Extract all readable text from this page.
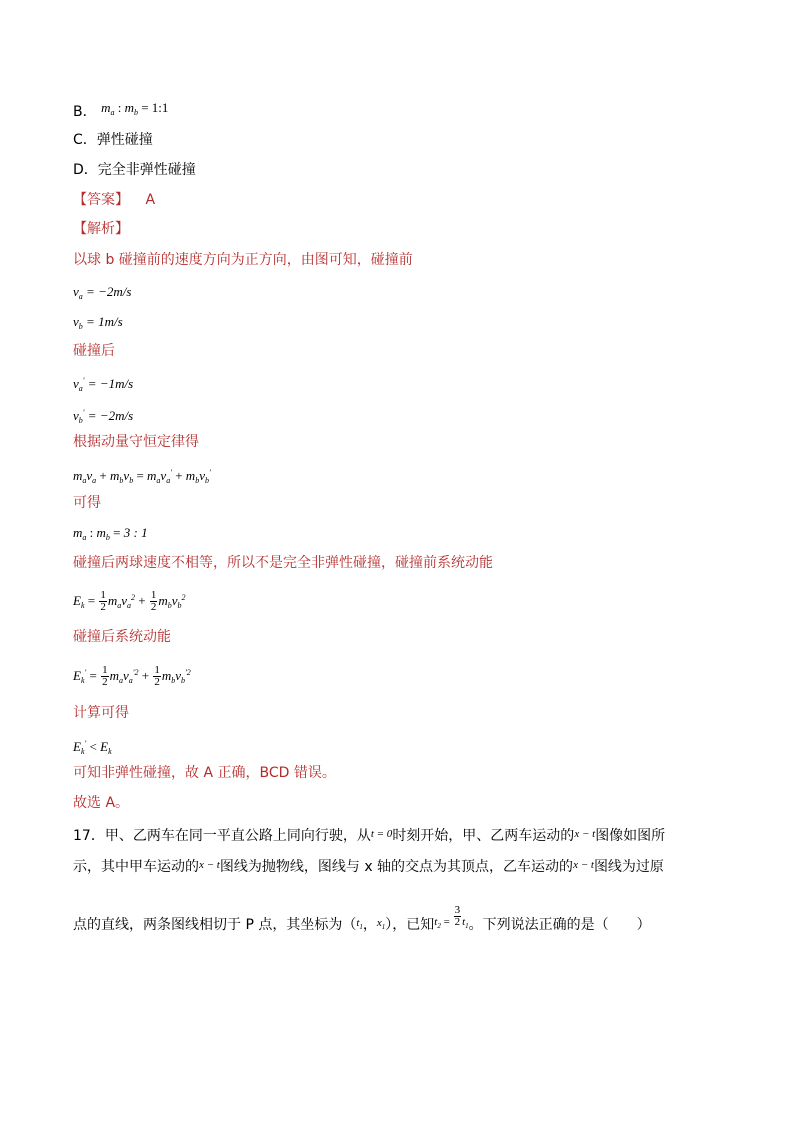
B． $m_a$ : $m_b$ = 1:1
C．弹性碰撞
D．完全非弹性碰撞
【答案】 A
【解析】
以球 b 碰撞前的速度方向为正方向，由图可知，碰撞前
$v_a = -2m/s$
$v_b = 1m/s$
碰撞后
$v_a' = -1m/s$
$v_b' = -2m/s$
根据动量守恒定律得
$m_av_a + m_bv_b = m_av_a' + m_bv_b'$
可得
$m_a$ : $m_b = 3$ : 1
碰撞后两球速度不相等，所以不是完全非弹性碰撞，碰撞前系统动能
$E_k = \frac{1}{2} m_av_a^2 + \frac{1}{2} m_bv_b^2$
碰撞后系统动能
$E_k' = \frac{1}{2} m_av_a^{'2} + \frac{1}{2} m_bv_b^{'2}$
计算可得
$E_k' < E_k$
可知非弹性碰撞，故 A 正确，BCD 错误。
故选 A。
17．甲、乙两车在同一平直公路上同向行驶，从$^{t = 0}$时刻开始，甲、乙两车运动的$^{x - t}$图像如图所
示，其中甲车运动的$^{x - t}$图线为抛物线，图线与 x 轴的交点为其顶点，乙车运动的$^{x - t}$图线为过原
点的直线，两条图线相切于 P 点，其坐标为（$^{t_1}$，$^{x_1}$），已知$^{t_2 =} \frac{3}{2} ^{t_1}$。下列说法正确的是（　　）
